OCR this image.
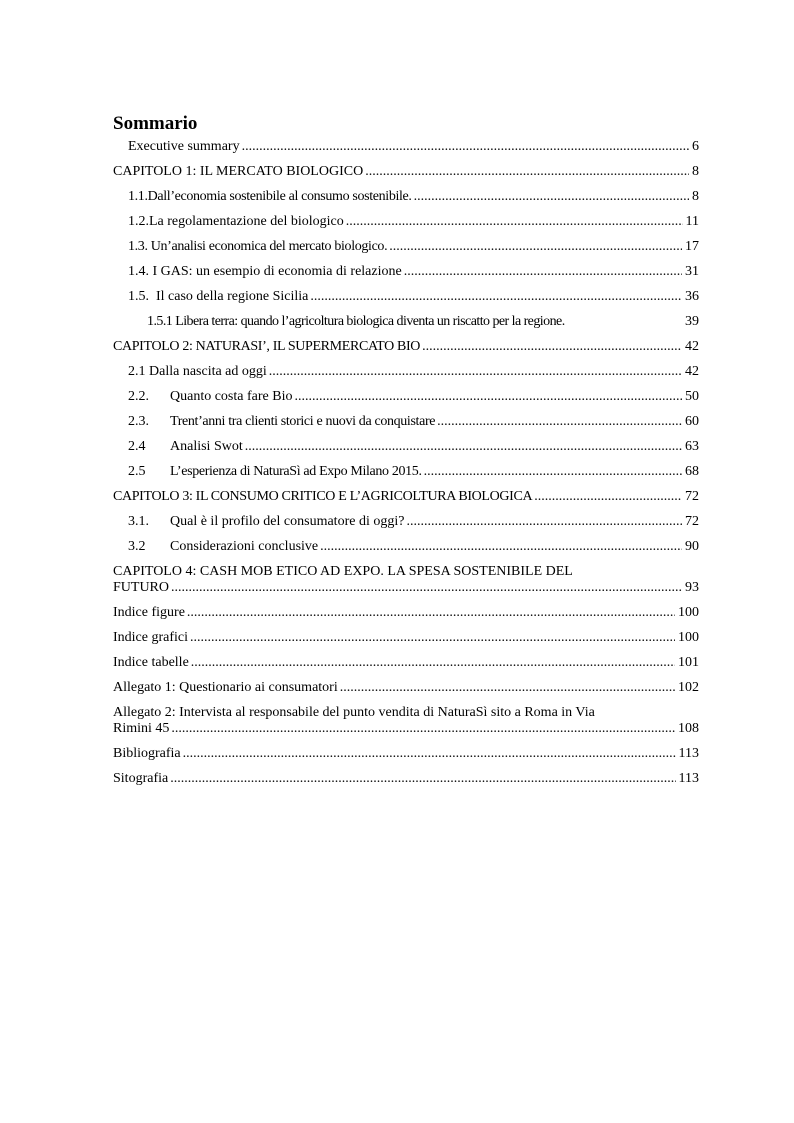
Sommario
Executive summary .....	6
CAPITOLO 1: IL MERCATO BIOLOGICO .....	8
1.1.Dall’economia sostenibile al consumo sostenibile. .....	8
1.2.La regolamentazione del biologico .....	11
1.3. Un’analisi economica del mercato biologico. .....	17
1.4. I GAS: un esempio di economia di relazione .....	31
1.5. Il caso della regione Sicilia .....	36
1.5.1 Libera terra: quando l’agricoltura biologica diventa un riscatto per la regione.	39
CAPITOLO 2: NATURASI’, IL SUPERMERCATO BIO .....	42
2.1 Dalla nascita ad oggi .....	42
2.2. Quanto costa fare Bio .....	50
2.3. Trent’anni tra clienti storici e nuovi da conquistare .....	60
2.4 Analisi Swot .....	63
2.5 L’esperienza di NaturaSì ad Expo Milano 2015. .....	68
CAPITOLO 3: IL CONSUMO CRITICO E L’AGRICOLTURA BIOLOGICA .....	72
3.1. Qual è il profilo del consumatore di oggi? .....	72
3.2 Considerazioni conclusive .....	90
CAPITOLO 4: CASH MOB ETICO AD EXPO. LA SPESA SOSTENIBILE DEL
FUTURO .....	93
Indice figure .....	100
Indice grafici .....	100
Indice tabelle .....	101
Allegato 1: Questionario ai consumatori .....	102
Allegato 2: Intervista al responsabile del punto vendita di NaturaSì sito a Roma in Via
Rimini 45 .....	108
Bibliografia .....	113
Sitografia .....	113
